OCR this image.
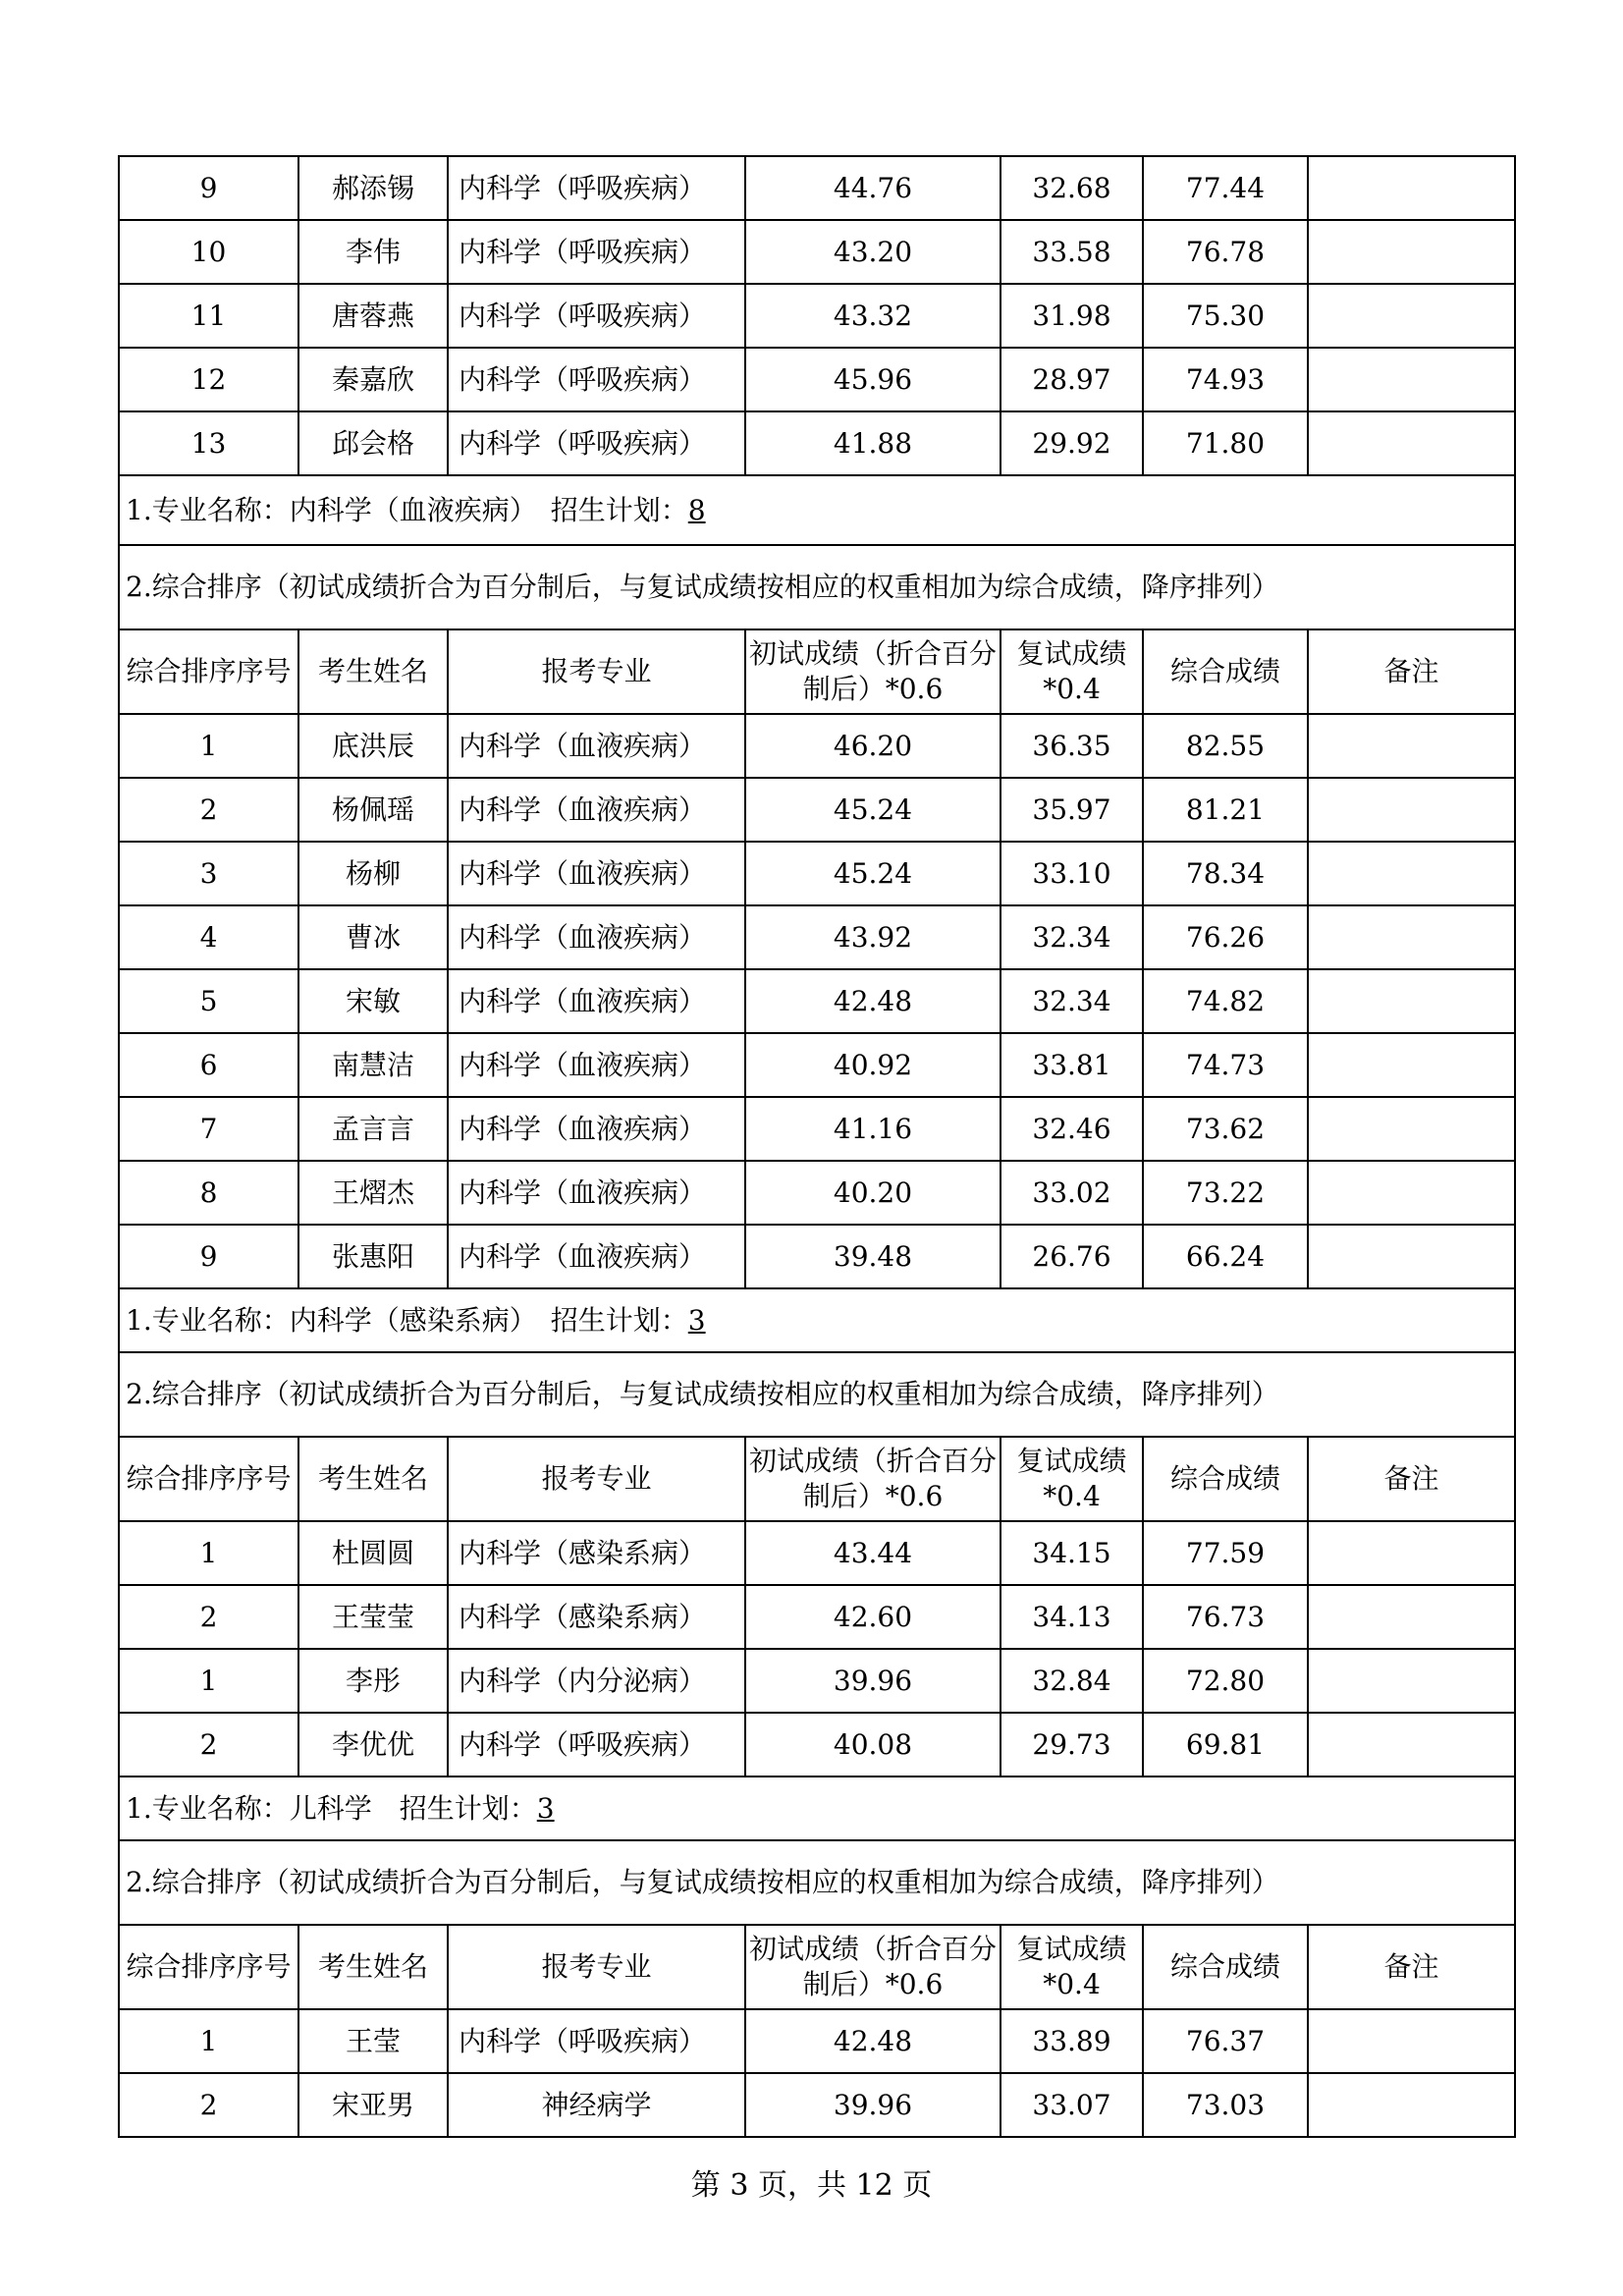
9	郝添锡	内科学（呼吸疾病）	44.76	32.68	77.44	
10	李伟	内科学（呼吸疾病）	43.20	33.58	76.78	
11	唐蓉燕	内科学（呼吸疾病）	43.32	31.98	75.30	
12	秦嘉欣	内科学（呼吸疾病）	45.96	28.97	74.93	
13	邱会格	内科学（呼吸疾病）	41.88	29.92	71.80	
1.专业名称：内科学（血液疾病）　 招生计划：8						
2.综合排序（初试成绩折合为百分制后，与复试成绩按相应的权重相加为综合成绩，降序排列）						
综合排序序号	考生姓名	报考专业	初试成绩（折合百分制后）*0.6	复试成绩*0.4	综合成绩	备注
1	底洪辰	内科学（血液疾病）	46.20	36.35	82.55	
2	杨佩瑶	内科学（血液疾病）	45.24	35.97	81.21	
3	杨柳	内科学（血液疾病）	45.24	33.10	78.34	
4	曹冰	内科学（血液疾病）	43.92	32.34	76.26	
5	宋敏	内科学（血液疾病）	42.48	32.34	74.82	
6	南慧洁	内科学（血液疾病）	40.92	33.81	74.73	
7	孟言言	内科学（血液疾病）	41.16	32.46	73.62	
8	王熠杰	内科学（血液疾病）	40.20	33.02	73.22	
9	张惠阳	内科学（血液疾病）	39.48	26.76	66.24	
1.专业名称：内科学（感染系病）　 招生计划：3						
2.综合排序（初试成绩折合为百分制后，与复试成绩按相应的权重相加为综合成绩，降序排列）						
综合排序序号	考生姓名	报考专业	初试成绩（折合百分制后）*0.6	复试成绩*0.4	综合成绩	备注
1	杜圆圆	内科学（感染系病）	43.44	34.15	77.59	
2	王莹莹	内科学（感染系病）	42.60	34.13	76.73	
1	李彤	内科学（内分泌病）	39.96	32.84	72.80	
2	李优优	内科学（呼吸疾病）	40.08	29.73	69.81	
1.专业名称：儿科学　 招生计划：3						
2.综合排序（初试成绩折合为百分制后，与复试成绩按相应的权重相加为综合成绩，降序排列）						
综合排序序号	考生姓名	报考专业	初试成绩（折合百分制后）*0.6	复试成绩*0.4	综合成绩	备注
1	王莹	内科学（呼吸疾病）	42.48	33.89	76.37	
2	宋亚男	神经病学	39.96	33.07	73.03	
第 3 页，共 12 页
